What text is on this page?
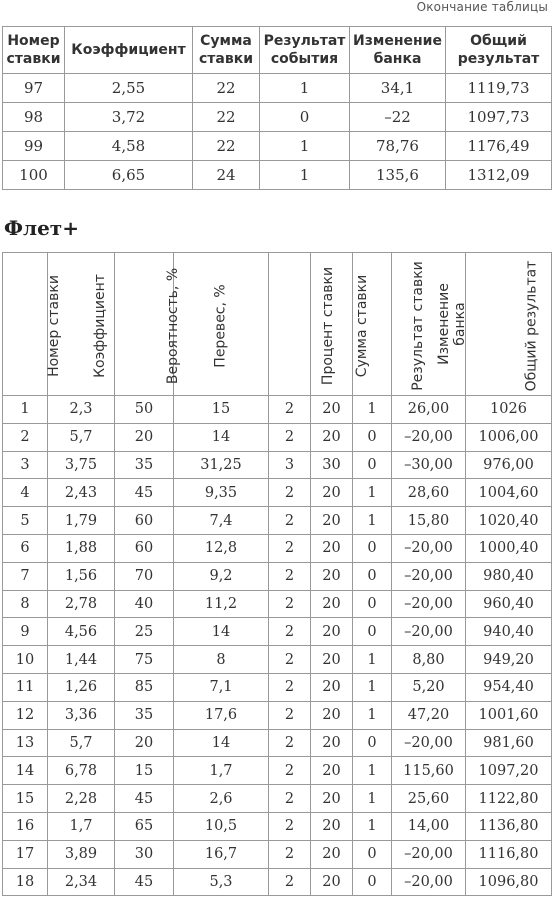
Окончание таблицы
Номер ставки	Коэффициент	Сумма ставки	Результат события	Изменение банка	Общий результат
97	2,55	22	1	34,1	1119,73
98	3,72	22	0	–22	1097,73
99	4,58	22	1	78,76	1176,49
100	6,65	24	1	135,6	1312,09
Флет+
Номер ставки	Коэффициент	Вероятность, %	Перевес, %	Процент ставки	Сумма ставки	Результат ставки	Изменение банка	Общий результат
1	2,3	50	15	2	20	1	26,00	1026
2	5,7	20	14	2	20	0	–20,00	1006,00
3	3,75	35	31,25	3	30	0	–30,00	976,00
4	2,43	45	9,35	2	20	1	28,60	1004,60
5	1,79	60	7,4	2	20	1	15,80	1020,40
6	1,88	60	12,8	2	20	0	–20,00	1000,40
7	1,56	70	9,2	2	20	0	–20,00	980,40
8	2,78	40	11,2	2	20	0	–20,00	960,40
9	4,56	25	14	2	20	0	–20,00	940,40
10	1,44	75	8	2	20	1	8,80	949,20
11	1,26	85	7,1	2	20	1	5,20	954,40
12	3,36	35	17,6	2	20	1	47,20	1001,60
13	5,7	20	14	2	20	0	–20,00	981,60
14	6,78	15	1,7	2	20	1	115,60	1097,20
15	2,28	45	2,6	2	20	1	25,60	1122,80
16	1,7	65	10,5	2	20	1	14,00	1136,80
17	3,89	30	16,7	2	20	0	–20,00	1116,80
18	2,34	45	5,3	2	20	0	–20,00	1096,80
